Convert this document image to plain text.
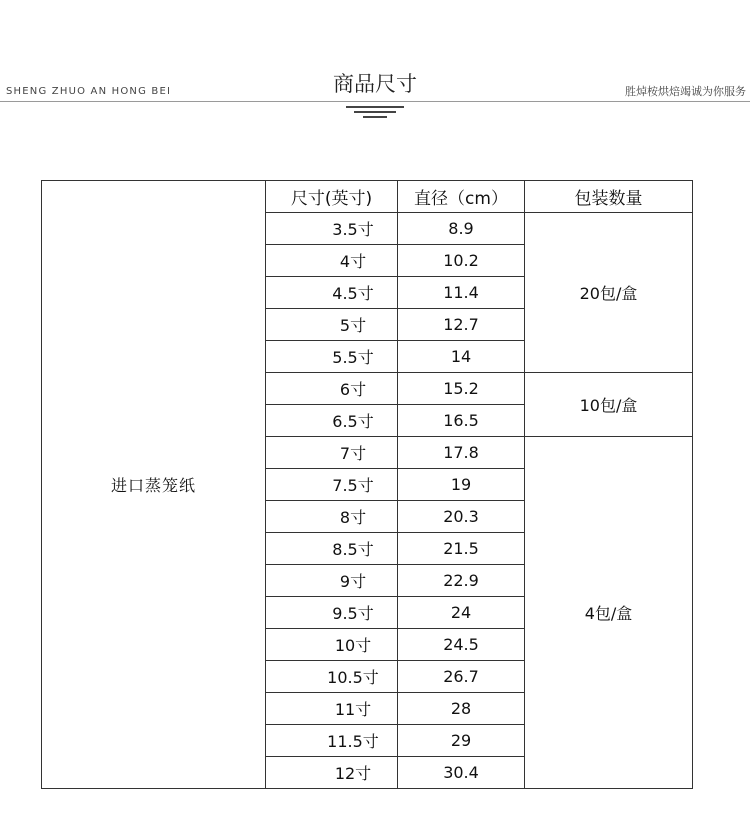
SHENG ZHUO AN HONG BEI	商品尺寸	胜焯桉烘焙竭诚为你服务
进口蒸笼纸	尺寸(英寸)	直径（cm）	包装数量
	3.5寸	8.9	20包/盒
	4寸	10.2	
	4.5寸	11.4	
	5寸	12.7	
	5.5寸	14	
	6寸	15.2	10包/盒
	6.5寸	16.5	
	7寸	17.8	4包/盒
	7.5寸	19	
	8寸	20.3	
	8.5寸	21.5	
	9寸	22.9	
	9.5寸	24	
	10寸	24.5	
	10.5寸	26.7	
	11寸	28	
	11.5寸	29	
	12寸	30.4	
